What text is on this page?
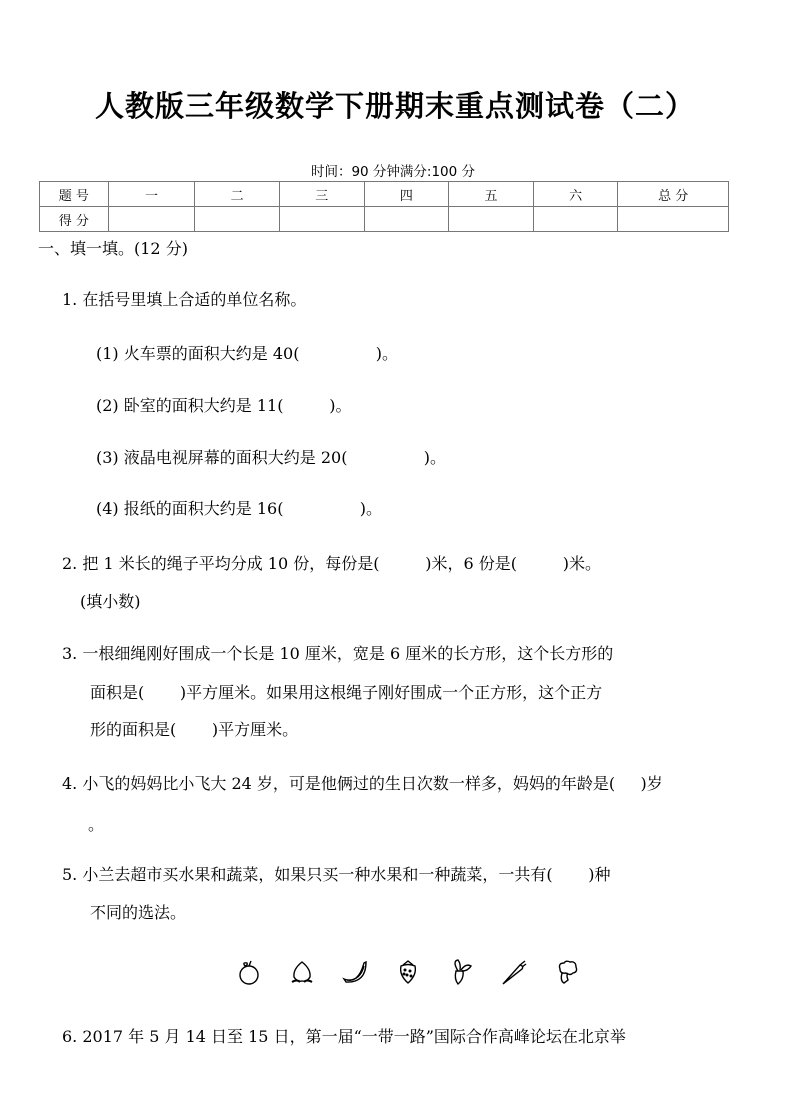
人教版三年级数学下册期末重点测试卷（二）
时间：90 分钟满分:100 分
题 号	一	二	三	四	五	六	总 分
得 分							
一、填一填。(12 分)
1. 在括号里填上合适的单位名称。
(1) 火车票的面积大约是 40(               )。
(2) 卧室的面积大约是 11(         )。
(3) 液晶电视屏幕的面积大约是 20(               )。
(4) 报纸的面积大约是 16(               )。
2. 把 1 米长的绳子平均分成 10 份，每份是(         )米，6 份是(         )米。
(填小数)
3. 一根细绳刚好围成一个长是 10 厘米，宽是 6 厘米的长方形，这个长方形的
面积是(       )平方厘米。如果用这根绳子刚好围成一个正方形，这个正方
形的面积是(       )平方厘米。
4. 小飞的妈妈比小飞大 24 岁，可是他俩过的生日次数一样多，妈妈的年龄是(     )岁
。
5. 小兰去超市买水果和蔬菜，如果只买一种水果和一种蔬菜，一共有(       )种
不同的选法。
6. 2017 年 5 月 14 日至 15 日，第一届“一带一路”国际合作高峰论坛在北京举
